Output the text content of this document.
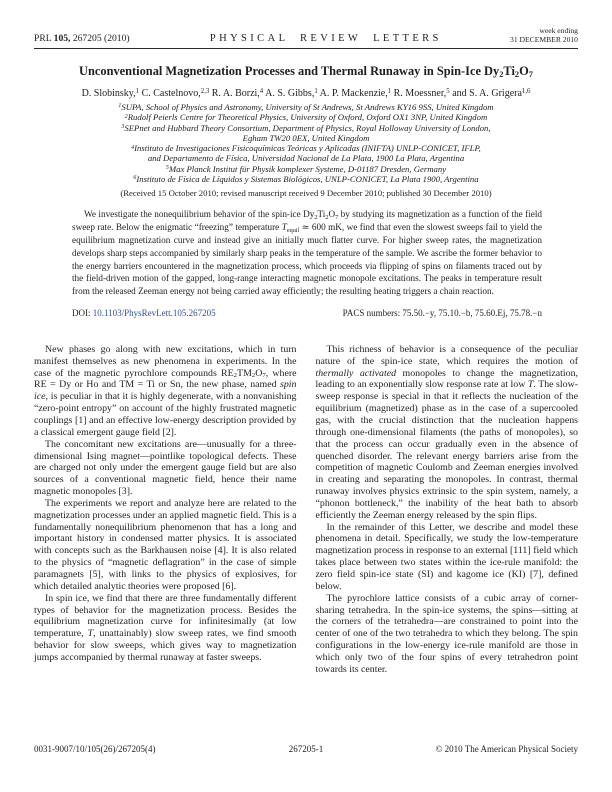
PRL 105, 267205 (2010)	PHYSICAL REVIEW LETTERS
week ending
31 DECEMBER 2010
Unconventional Magnetization Processes and Thermal Runaway in Spin-Ice $Dy_2Ti_2O_7$
D. Slobinsky,$^1$ C. Castelnovo,$^{2,3}$ R. A. Borzi,$^4$ A. S. Gibbs,$^1$ A. P. Mackenzie,$^1$ R. Moessner,$^5$ and S. A. Grigera$^{1,6}$
$^1$SUPA, School of Physics and Astronomy, University of St Andrews, St Andrews KY16 9SS, United Kingdom
$^2$Rudolf Peierls Centre for Theoretical Physics, University of Oxford, Oxford OX1 3NP, United Kingdom
$^3$SEPnet and Hubbard Theory Consortium, Department of Physics, Royal Holloway University of London,
Egham TW20 0EX, United Kingdom
$^4$Instituto de Investigaciones Fisicoquímicas Teóricas y Aplicadas (INIFTA) UNLP-CONICET, IFLP,
and Departamento de Física, Universidad Nacional de La Plata, 1900 La Plata, Argentina
$^5$Max Planck Institut für Physik komplexer Systeme, D-01187 Dresden, Germany
$^6$Instituto de Física de Líquidos y Sistemas Biológicos, UNLP-CONICET, La Plata 1900, Argentina
(Received 15 October 2010; revised manuscript received 9 December 2010; published 30 December 2010)
We investigate the nonequilibrium behavior of the spin-ice $Dy_2Ti_2O_7$ by studying its magnetization as a function of the field sweep rate. Below the enigmatic “freezing” temperature $T_{equil}$ ≃ 600 mK, we find that even the slowest sweeps fail to yield the equilibrium magnetization curve and instead give an initially much flatter curve. For higher sweep rates, the magnetization develops sharp steps accompanied by similarly sharp peaks in the temperature of the sample. We ascribe the former behavior to the energy barriers encountered in the magnetization process, which proceeds via flipping of spins on filaments traced out by the field-driven motion of the gapped, long-range interacting magnetic monopole excitations. The peaks in temperature result from the released Zeeman energy not being carried away efficiently; the resulting heating triggers a chain reaction.
DOI: 10.1103/PhysRevLett.105.267205	PACS numbers: 75.50.−y, 75.10.−b, 75.60.Ej, 75.78.−n

New phases go along with new excitations, which in turn manifest themselves as new phenomena in experiments. In the case of the magnetic pyrochlore compounds $RE_2TM_2O_7$, where RE = Dy or Ho and TM = Ti or Sn, the new phase, named spin ice, is peculiar in that it is highly degenerate, with a nonvanishing “zero-point entropy” on account of the highly frustrated magnetic couplings [1] and an effective low-energy description provided by a classical emergent gauge field [2].

The concomitant new excitations are—unusually for a three-dimensional Ising magnet—pointlike topological defects. These are charged not only under the emergent gauge field but are also sources of a conventional magnetic field, hence their name magnetic monopoles [3].

The experiments we report and analyze here are related to the magnetization processes under an applied magnetic field. This is a fundamentally nonequilibrium phenomenon that has a long and important history in condensed matter physics. It is associated with concepts such as the Barkhausen noise [4]. It is also related to the physics of “magnetic deflagration” in the case of simple paramagnets [5], with links to the physics of explosives, for which detailed analytic theories were proposed [6].

In spin ice, we find that there are three fundamentally different types of behavior for the magnetization process. Besides the equilibrium magnetization curve for infinitesimally (at low temperature, T, unattainably) slow sweep rates, we find smooth behavior for slow sweeps, which gives way to magnetization jumps accompanied by thermal runaway at faster sweeps.

This richness of behavior is a consequence of the peculiar nature of the spin-ice state, which requires the motion of thermally activated monopoles to change the magnetization, leading to an exponentially slow response rate at low T. The slow-sweep response is special in that it reflects the nucleation of the equilibrium (magnetized) phase as in the case of a supercooled gas, with the crucial distinction that the nucleation happens through one-dimensional filaments (the paths of monopoles), so that the process can occur gradually even in the absence of quenched disorder. The relevant energy barriers arise from the competition of magnetic Coulomb and Zeeman energies involved in creating and separating the monopoles. In contrast, thermal runaway involves physics extrinsic to the spin system, namely, a “phonon bottleneck,” the inability of the heat bath to absorb efficiently the Zeeman energy released by the spin flips.

In the remainder of this Letter, we describe and model these phenomena in detail. Specifically, we study the low-temperature magnetization process in response to an external [111] field which takes place between two states within the ice-rule manifold: the zero field spin-ice state (SI) and kagome ice (KI) [7], defined below.

The pyrochlore lattice consists of a cubic array of corner-sharing tetrahedra. In the spin-ice systems, the spins—sitting at the corners of the tetrahedra—are constrained to point into the center of one of the two tetrahedra to which they belong. The spin configurations in the low-energy ice-rule manifold are those in which only two of the four spins of every tetrahedron point towards its center.

0031-9007/10/105(26)/267205(4)	267205-1	© 2010 The American Physical Society
